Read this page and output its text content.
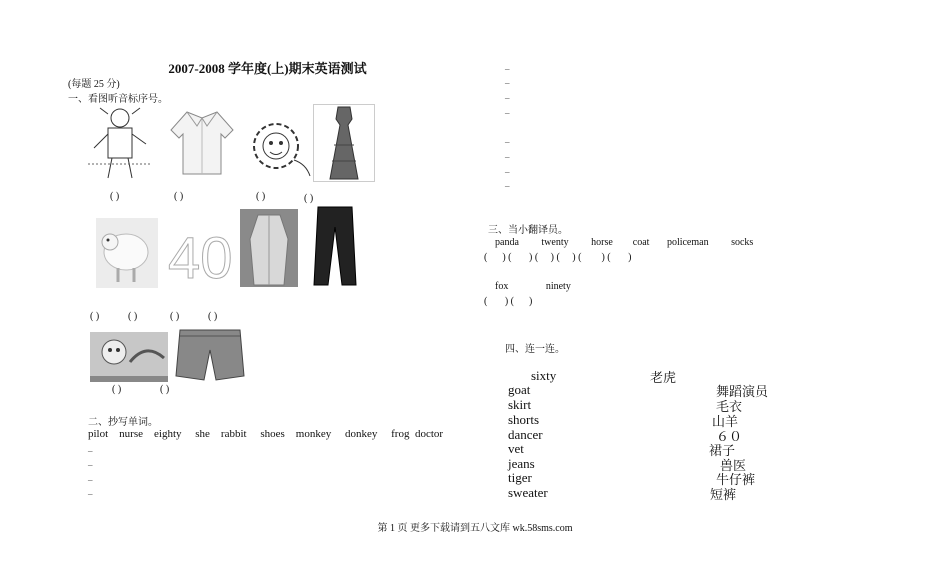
2007-2008 学年度(上)期末英语测试
(每题 25 分)
一、看图听音标序号。
( )	( )	( )	( )
40
( )	( )	( )	( )
( )	( )
二、抄写单词。
pilot nurse eighty she rabbit shoes monkey donkey frog doctor
_
_
_
_
_
_
_
_
_
_
_
_
三、当小翻译员。
panda twenty horse coat policeman socks
(      ) (       ) (     ) (     ) (        ) (       )
fox	ninety
(       ) (      )
四、连一连。
sixty
goat
skirt
shorts
dancer
vet
jeans
tiger
sweater
老虎
舞蹈演员
毛衣
山羊
６０
裙子
兽医
牛仔裤
短裤
第 1 页 更多下载请到五八文库 wk.58sms.com
